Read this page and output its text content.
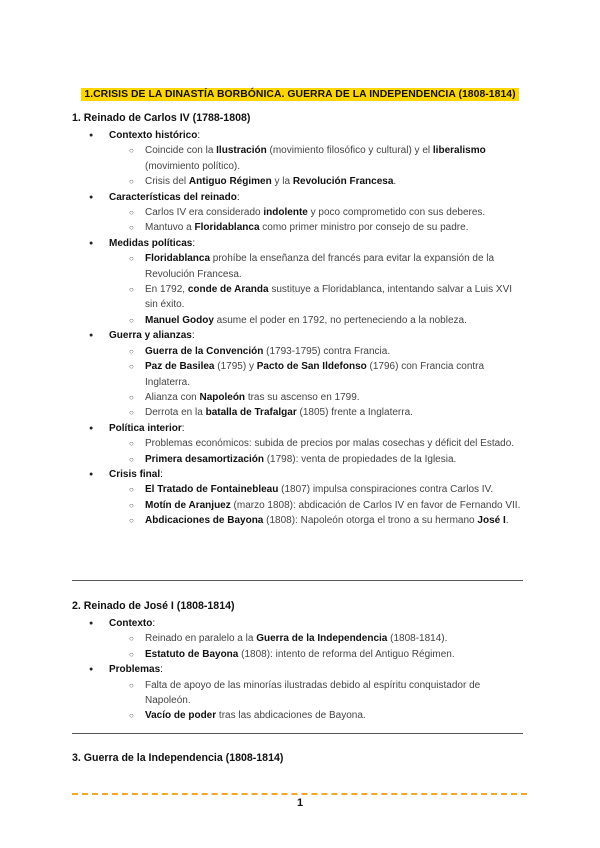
1.CRISIS DE LA DINASTÍA BORBÓNICA. GUERRA DE LA INDEPENDENCIA (1808-1814)
1. Reinado de Carlos IV (1788-1808)
● Contexto histórico:
○ Coincide con la Ilustración (movimiento filosófico y cultural) y el liberalismo (movimiento político).
○ Crisis del Antiguo Régimen y la Revolución Francesa.
● Características del reinado:
○ Carlos IV era considerado indolente y poco comprometido con sus deberes.
○ Mantuvo a Floridablanca como primer ministro por consejo de su padre.
● Medidas políticas:
○ Floridablanca prohíbe la enseñanza del francés para evitar la expansión de la Revolución Francesa.
○ En 1792, conde de Aranda sustituye a Floridablanca, intentando salvar a Luis XVI sin éxito.
○ Manuel Godoy asume el poder en 1792, no perteneciendo a la nobleza.
● Guerra y alianzas:
○ Guerra de la Convención (1793-1795) contra Francia.
○ Paz de Basilea (1795) y Pacto de San Ildefonso (1796) con Francia contra Inglaterra.
○ Alianza con Napoleón tras su ascenso en 1799.
○ Derrota en la batalla de Trafalgar (1805) frente a Inglaterra.
● Política interior:
○ Problemas económicos: subida de precios por malas cosechas y déficit del Estado.
○ Primera desamortización (1798): venta de propiedades de la Iglesia.
● Crisis final:
○ El Tratado de Fontainebleau (1807) impulsa conspiraciones contra Carlos IV.
○ Motín de Aranjuez (marzo 1808): abdicación de Carlos IV en favor de Fernando VII.
○ Abdicaciones de Bayona (1808): Napoleón otorga el trono a su hermano José I.
2. Reinado de José I (1808-1814)
● Contexto:
○ Reinado en paralelo a la Guerra de la Independencia (1808-1814).
○ Estatuto de Bayona (1808): intento de reforma del Antiguo Régimen.
● Problemas:
○ Falta de apoyo de las minorías ilustradas debido al espíritu conquistador de Napoleón.
○ Vacío de poder tras las abdicaciones de Bayona.
3. Guerra de la Independencia (1808-1814)
1
